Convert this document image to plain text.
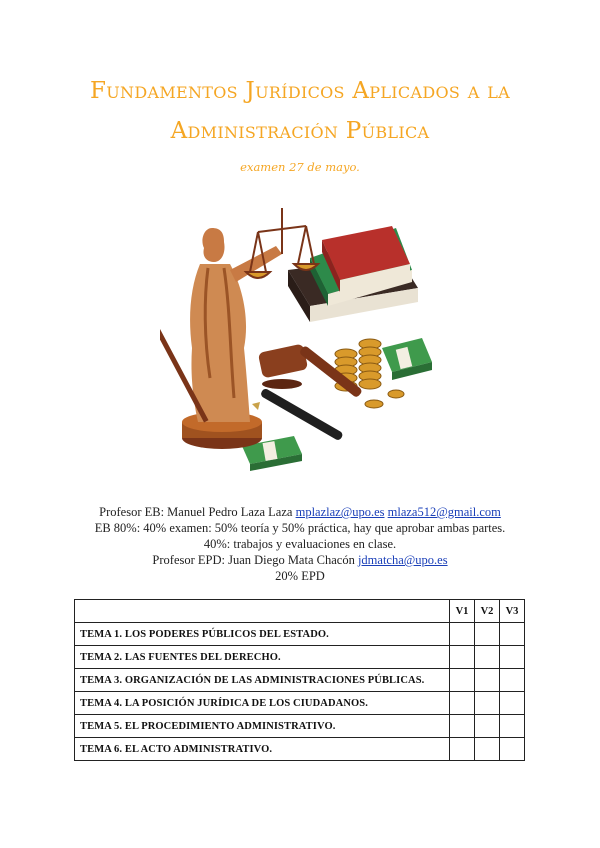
Fundamentos Jurídicos Aplicados a la
Administración Pública
examen 27 de mayo.
Profesor EB: Manuel Pedro Laza Laza mplazlaz@upo.es mlaza512@gmail.com
EB 80%: 40% examen: 50% teoría y 50% práctica, hay que aprobar ambas partes.
40%: trabajos y evaluaciones en clase.
Profesor EPD: Juan Diego Mata Chacón jdmatcha@upo.es
20% EPD
	V1	V2	V3
TEMA 1. LOS PODERES PÚBLICOS DEL ESTADO.			
TEMA 2. LAS FUENTES DEL DERECHO.			
TEMA 3. ORGANIZACIÓN DE LAS ADMINISTRACIONES PÚBLICAS.			
TEMA 4. LA POSICIÓN JURÍDICA DE LOS CIUDADANOS.			
TEMA 5. EL PROCEDIMIENTO ADMINISTRATIVO.			
TEMA 6. EL ACTO ADMINISTRATIVO.			
